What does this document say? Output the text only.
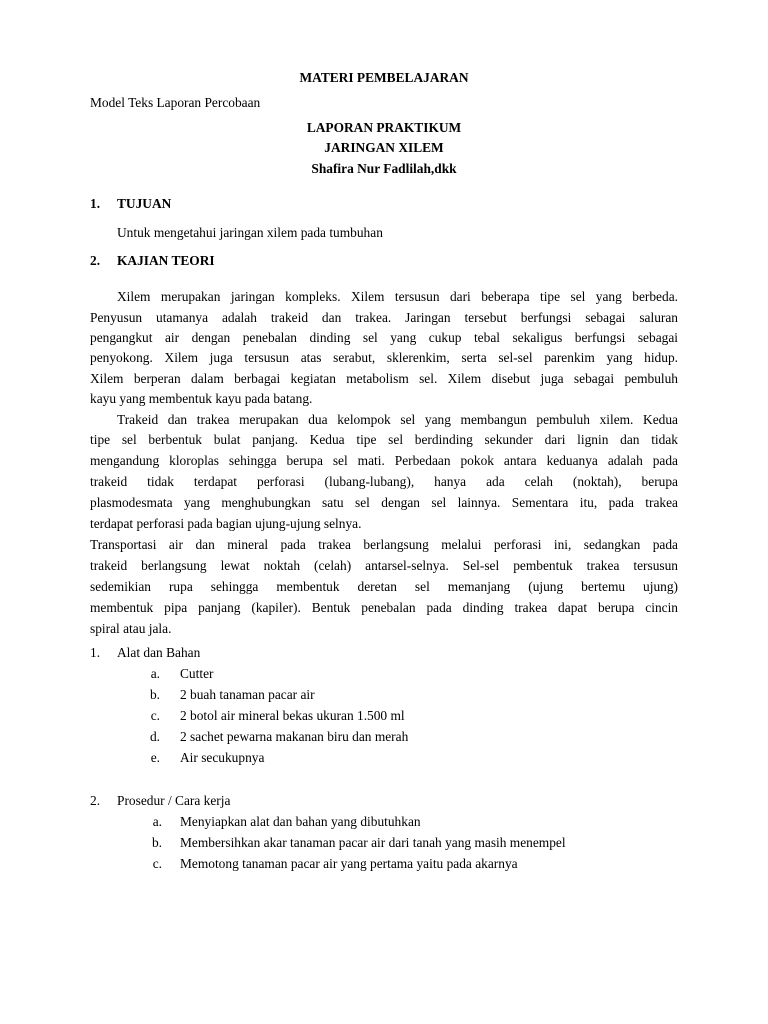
MATERI PEMBELAJARAN
Model Teks Laporan Percobaan
LAPORAN PRAKTIKUM
JARINGAN XILEM
Shafira Nur Fadlilah,dkk
1. TUJUAN
Untuk mengetahui jaringan xilem pada tumbuhan
2. KAJIAN TEORI
Xilem merupakan jaringan kompleks. Xilem tersusun dari beberapa tipe sel yang berbeda.
Penyusun utamanya adalah trakeid dan trakea. Jaringan tersebut berfungsi sebagai saluran
pengangkut air dengan penebalan dinding sel yang cukup tebal sekaligus berfungsi sebagai
penyokong. Xilem juga tersusun atas serabut, sklerenkim, serta sel-sel parenkim yang hidup.
Xilem berperan dalam berbagai kegiatan metabolism sel. Xilem disebut juga sebagai pembuluh
kayu yang membentuk kayu pada batang.
Trakeid dan trakea merupakan dua kelompok sel yang membangun pembuluh xilem. Kedua
tipe sel berbentuk bulat panjang. Kedua tipe sel berdinding sekunder dari lignin dan tidak
mengandung kloroplas sehingga berupa sel mati. Perbedaan pokok antara keduanya adalah pada
trakeid tidak terdapat perforasi (lubang-lubang), hanya ada celah (noktah), berupa
plasmodesmata yang menghubungkan satu sel dengan sel lainnya. Sementara itu, pada trakea
terdapat perforasi pada bagian ujung-ujung selnya.
Transportasi air dan mineral pada trakea berlangsung melalui perforasi ini, sedangkan pada
trakeid berlangsung lewat noktah (celah) antarsel-selnya. Sel-sel pembentuk trakea tersusun
sedemikian rupa sehingga membentuk deretan sel memanjang (ujung bertemu ujung)
membentuk pipa panjang (kapiler). Bentuk penebalan pada dinding trakea dapat berupa cincin
spiral atau jala.
1. Alat dan Bahan
a. Cutter
b. 2 buah tanaman pacar air
c. 2 botol air mineral bekas ukuran 1.500 ml
d. 2 sachet pewarna makanan biru dan merah
e. Air secukupnya
2. Prosedur / Cara kerja
a. Menyiapkan alat dan bahan yang dibutuhkan
b. Membersihkan akar tanaman pacar air dari tanah yang masih menempel
c. Memotong tanaman pacar air yang pertama yaitu pada akarnya
